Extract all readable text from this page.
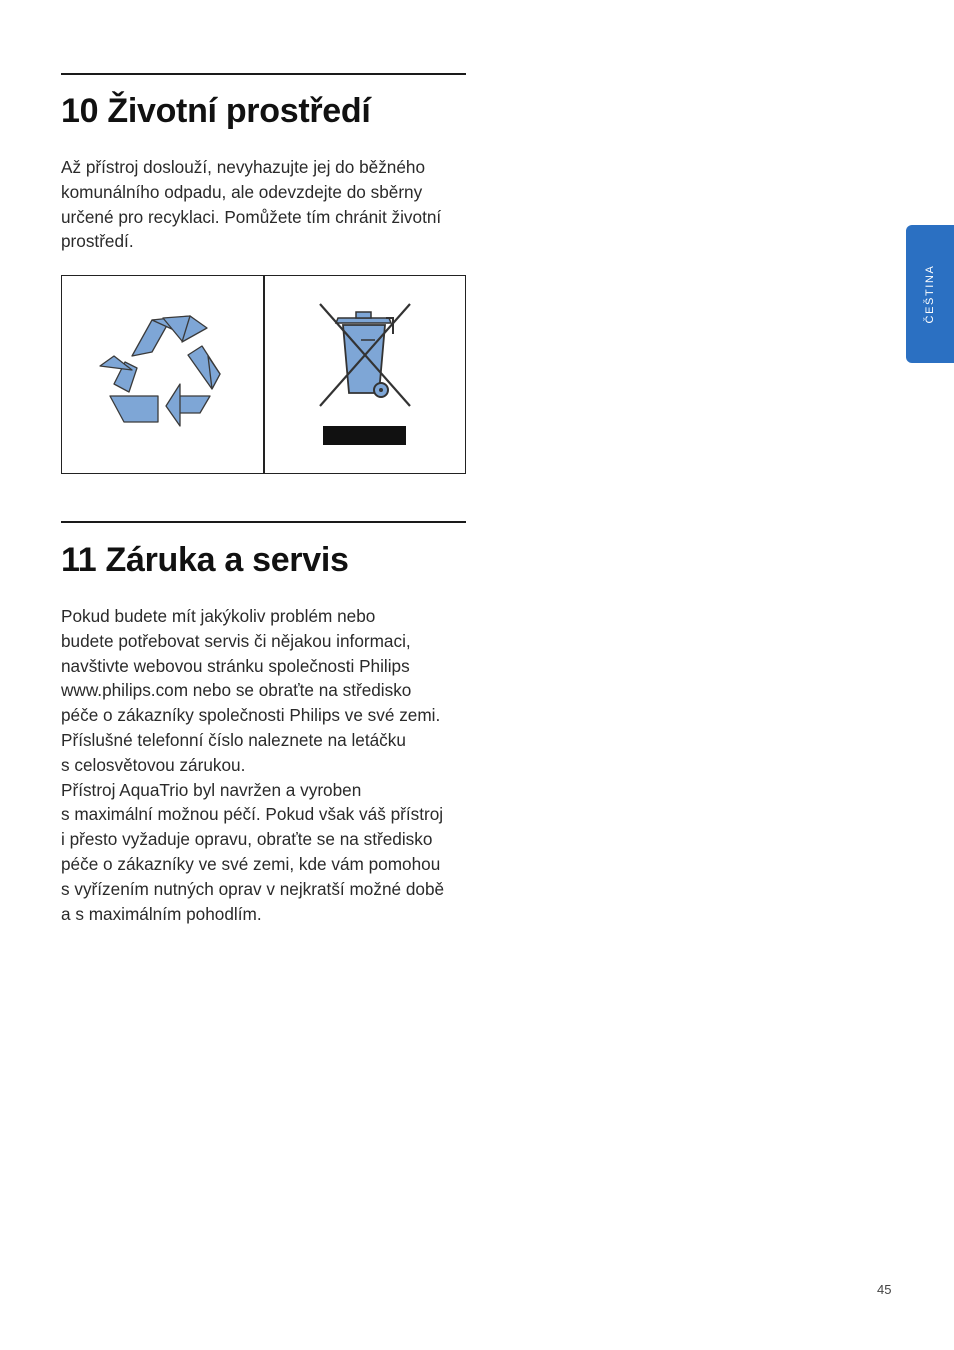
10 Životní prostředí

Až přístroj doslouží, nevyhazujte jej do běžného
komunálního odpadu, ale odevzdejte do sběrny
určené pro recyklaci. Pomůžete tím chránit životní
prostředí.

11 Záruka a servis

Pokud budete mít jakýkoliv problém nebo
budete potřebovat servis či nějakou informaci,
navštivte webovou stránku společnosti Philips
www.philips.com nebo se obraťte na středisko
péče o zákazníky společnosti Philips ve své zemi.
Příslušné telefonní číslo naleznete na letáčku
s celosvětovou zárukou.
Přístroj AquaTrio byl navržen a vyroben
s maximální možnou péčí. Pokud však váš přístroj
i přesto vyžaduje opravu, obraťte se na středisko
péče o zákazníky ve své zemi, kde vám pomohou
s vyřízením nutných oprav v nejkratší možné době
a s maximálním pohodlím.

ČEŠTINA
45
